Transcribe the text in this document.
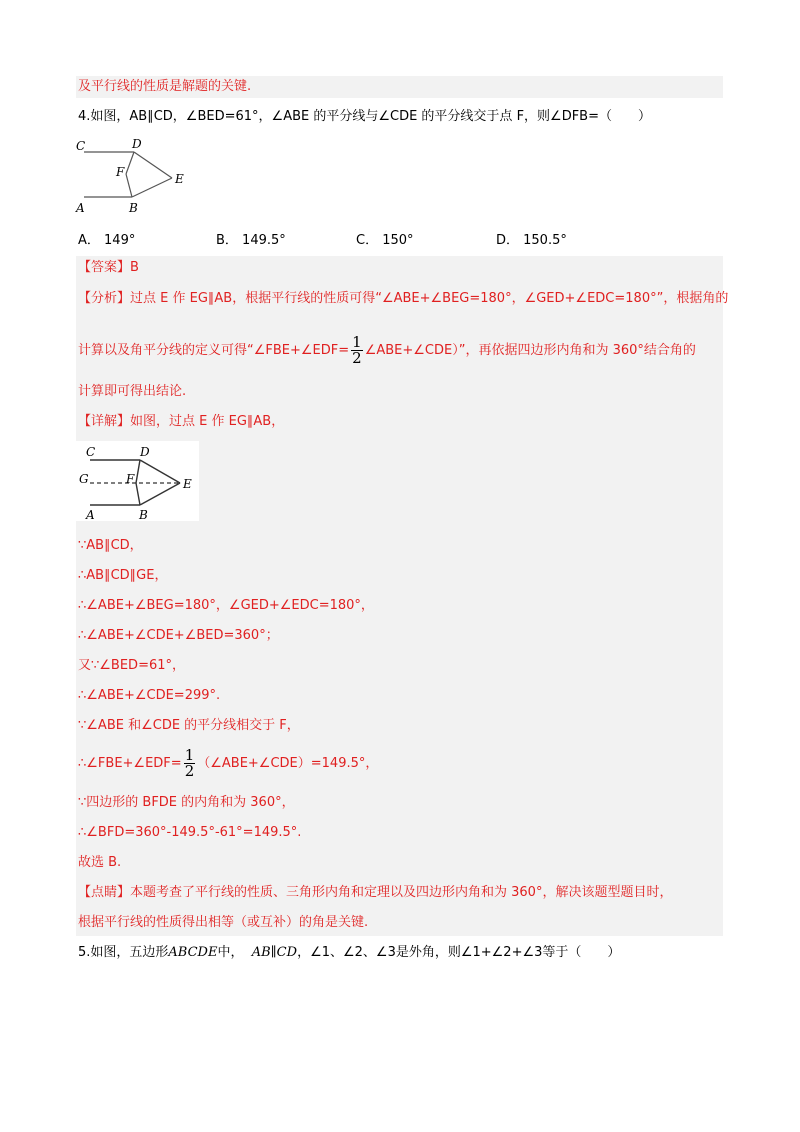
及平行线的性质是解题的关键.
4.如图，AB∥CD，∠BED=61°，∠ABE 的平分线与∠CDE 的平分线交于点 F，则∠DFB=（　　）
C	D
F	E
A	B
A． 149°	B． 149.5°	C． 150°	D． 150.5°
【答案】B
【分析】过点 E 作 EG∥AB，根据平行线的性质可得“∠ABE+∠BEG=180°，∠GED+∠EDC=180°”，根据角的
计算以及角平分线的定义可得“∠FBE+∠EDF= $\frac{1}{2}$ ∠ABE+∠CDE）”，再依据四边形内角和为 360°结合角的
计算即可得出结论.
【详解】如图，过点 E 作 EG∥AB，
C	D
G	F	E
A	B
∵AB∥CD，
∴AB∥CD∥GE，
∴∠ABE+∠BEG=180°，∠GED+∠EDC=180°，
∴∠ABE+∠CDE+∠BED=360°；
又∵∠BED=61°，
∴∠ABE+∠CDE=299°.
∵∠ABE 和∠CDE 的平分线相交于 F，
∴∠FBE+∠EDF= $\frac{1}{2}$ （∠ABE+∠CDE）=149.5°，
∵四边形的 BFDE 的内角和为 360°，
∴∠BFD=360°-149.5°-61°=149.5°.
故选 B.
【点睛】本题考查了平行线的性质、三角形内角和定理以及四边形内角和为 360°，解决该题型题目时，
根据平行线的性质得出相等（或互补）的角是关键.
5.如图，五边形ABCDE中， AB∥CD，∠1、∠2、∠3是外角，则∠1+∠2+∠3等于（　　）
